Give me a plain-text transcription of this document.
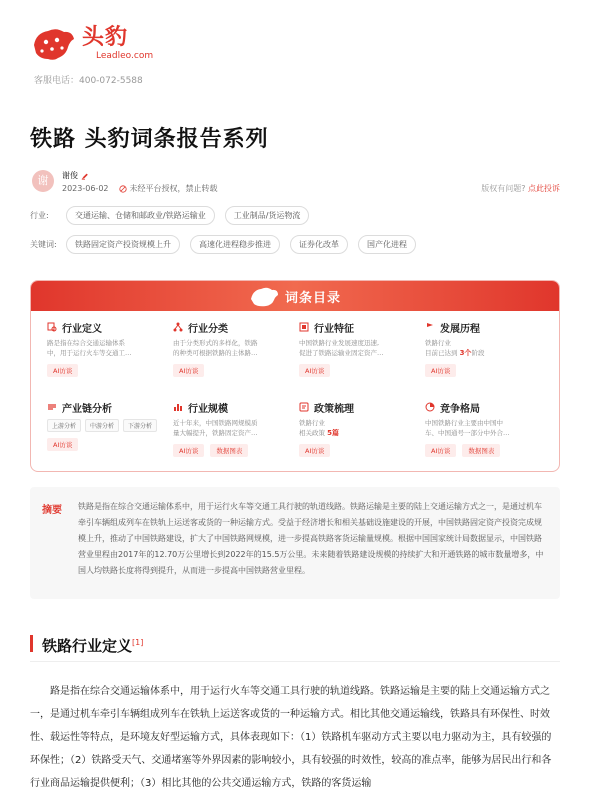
头豹
Leadleo.com
客服电话：400-072-5588
铁路 头豹词条报告系列
谢	谢俊
2023-06-02	未经平台授权，禁止转载	版权有问题? 点此投诉
行业:	交通运输、仓储和邮政业/铁路运输业	工业制品/货运物流
关键词:	铁路固定资产投资规模上升	高速化进程稳步推进	证券化改革	国产化进程
词条目录
行业定义
路是指在综合交通运输体系
中，用于运行火车等交通工…
AI访谈
行业分类
由于分类形式的多样化，铁路
的种类可根据铁路的主体路…
AI访谈
行业特征
中国铁路行业发展速度迅速,
促进了铁路运输业固定资产…
AI访谈
发展历程
铁路行业
目前已达到 3个阶段
AI访谈
产业链分析
上游分析	中游分析	下游分析
AI访谈
行业规模
近十年来，中国铁路网规模质
量大幅提升，铁路固定资产…
AI访谈	数据图表
政策梳理
铁路行业
相关政策 5篇
AI访谈
竞争格局
中国铁路行业主要由中国中
车、中国通号一部分中外合…
AI访谈	数据图表
摘要 铁路是指在综合交通运输体系中，用于运行火车等交通工具行驶的轨道线路。铁路运输是主要的陆上交通运输方式之一，是通过机车牵引车辆组成列车在铁轨上运送客或货的一种运输方式。受益于经济增长和相关基础设施建设的开展，中国铁路固定资产投资完成规模上升，推动了中国铁路建设，扩大了中国铁路网规模，进一步提高铁路客货运输量规模。根据中国国家统计局数据显示，中国铁路营业里程由2017年的12.70万公里增长到2022年的15.5万公里。未来随着铁路建设规模的持续扩大和开通铁路的城市数量增多，中国人均铁路长度将得到提升，从而进一步提高中国铁路营业里程。
铁路行业定义[1]
路是指在综合交通运输体系中，用于运行火车等交通工具行驶的轨道线路。铁路运输是主要的陆上交通运输方式之一，是通过机车牵引车辆组成列车在铁轨上运送客或货的一种运输方式。相比其他交通运输线，铁路具有环保性、时效性、载运性等特点，是环境友好型运输方式，具体表现如下：（1）铁路机车驱动方式主要以电力驱动为主，具有较强的环保性；（2）铁路受天气、交通堵塞等外界因素的影响较小，具有较强的时效性，较高的准点率，能够为居民出行和各行业商品运输提供便利；（3）相比其他的公共交通运输方式，铁路的客货运输
